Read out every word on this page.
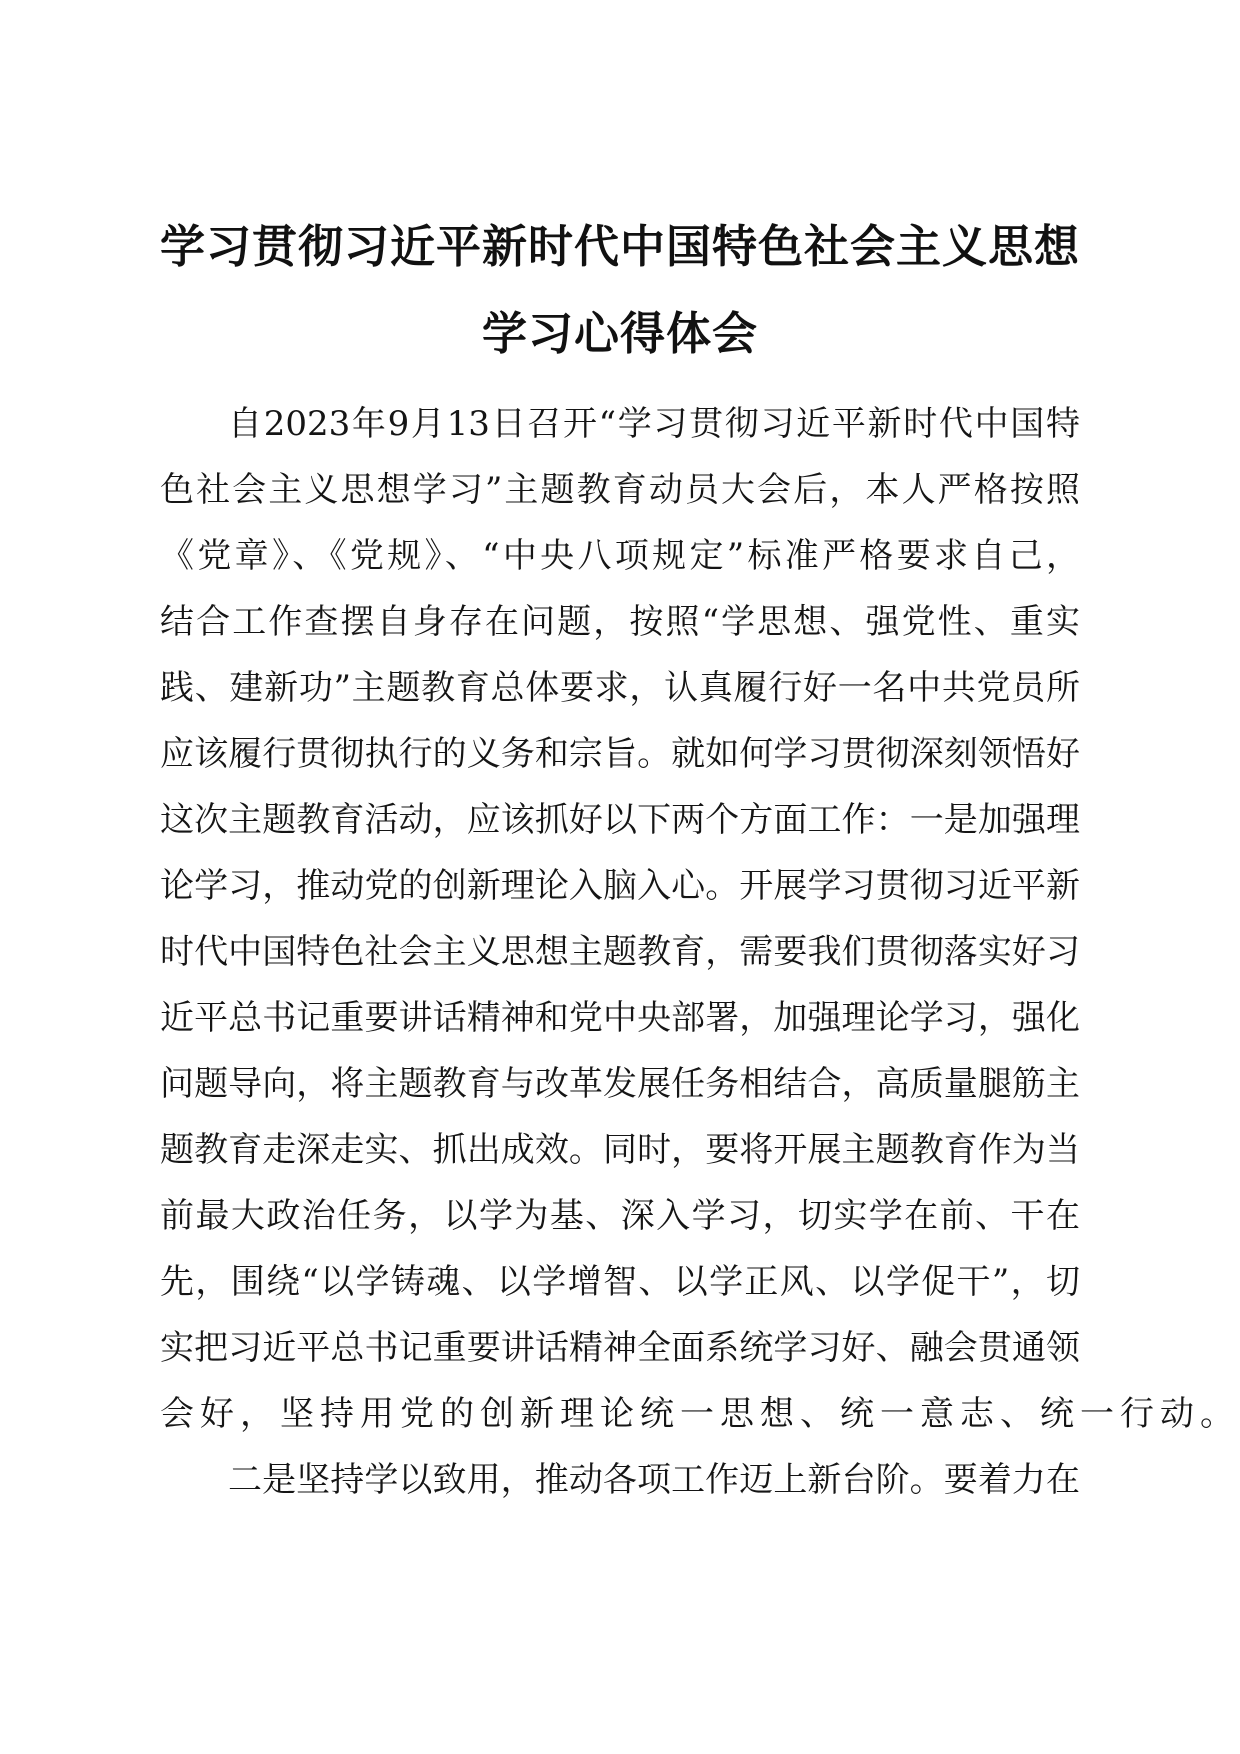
学习贯彻习近平新时代中国特色社会主义思想
学习心得体会

自2023年9月13日召开“学习贯彻习近平新时代中国特

色社会主义思想学习”主题教育动员大会后，本人严格按照

《党章》、《党规》、“中央八项规定”标准严格要求自己，

结合工作查摆自身存在问题，按照“学思想、强党性、重实

践、建新功”主题教育总体要求，认真履行好一名中共党员所

应该履行贯彻执行的义务和宗旨。就如何学习贯彻深刻领悟好

这次主题教育活动，应该抓好以下两个方面工作：一是加强理

论学习，推动党的创新理论入脑入心。开展学习贯彻习近平新

时代中国特色社会主义思想主题教育，需要我们贯彻落实好习

近平总书记重要讲话精神和党中央部署，加强理论学习，强化

问题导向，将主题教育与改革发展任务相结合，高质量腿筋主

题教育走深走实、抓出成效。同时，要将开展主题教育作为当

前最大政治任务，以学为基、深入学习，切实学在前、干在

先，围绕“以学铸魂、以学增智、以学正风、以学促干”，切

实把习近平总书记重要讲话精神全面系统学习好、融会贯通领

会好，坚持用党的创新理论统一思想、统一意志、统一行动。

二是坚持学以致用，推动各项工作迈上新台阶。要着力在
